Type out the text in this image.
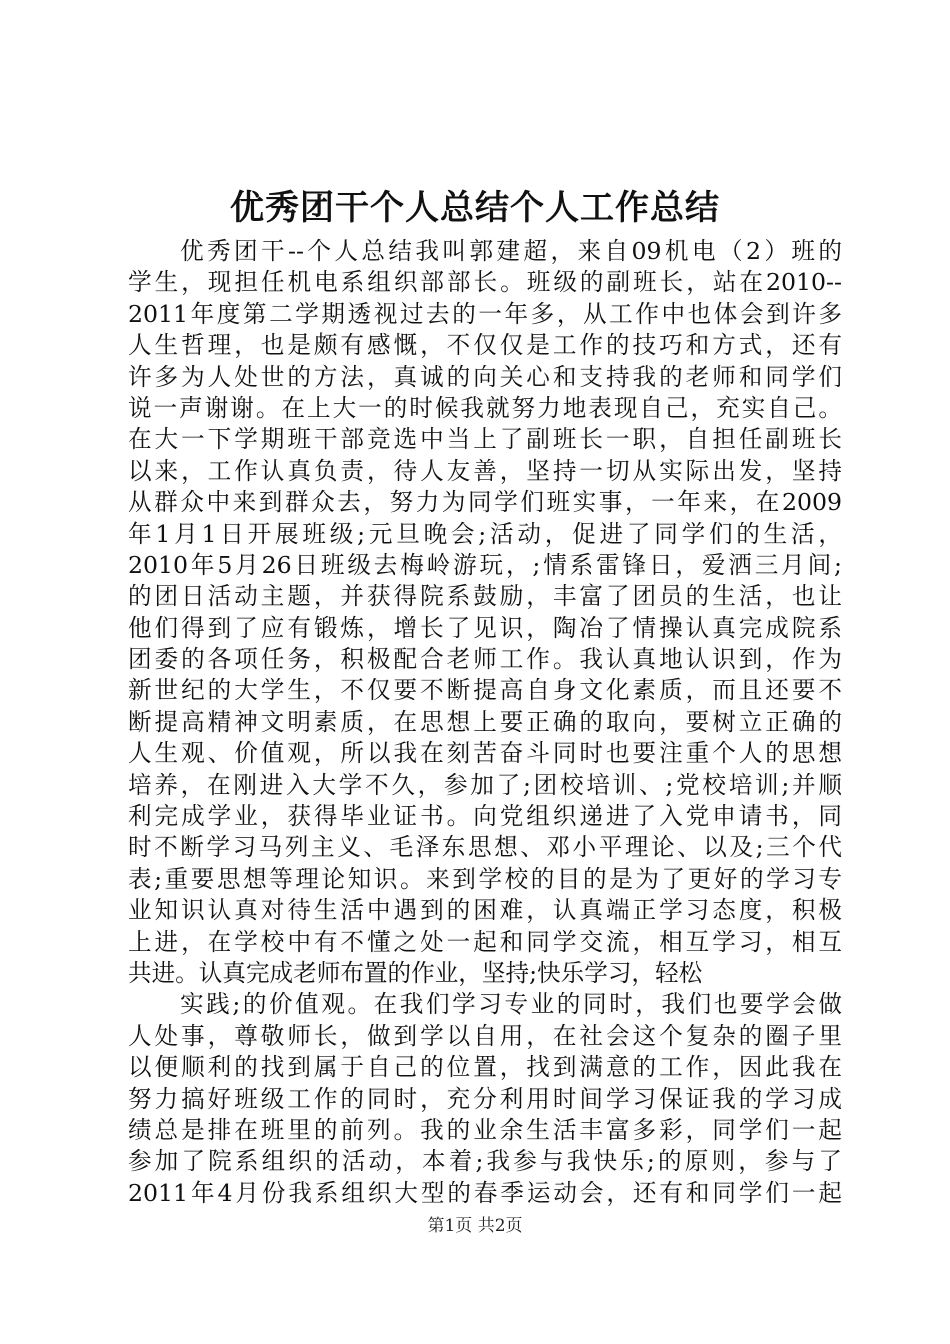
优秀团干个人总结个人工作总结
优秀团干--个人总结我叫郭建超，来自09机电（2）班的
学生，现担任机电系组织部部长。班级的副班长，站在2010--
2011年度第二学期透视过去的一年多，从工作中也体会到许多
人生哲理，也是颇有感慨，不仅仅是工作的技巧和方式，还有
许多为人处世的方法，真诚的向关心和支持我的老师和同学们
说一声谢谢。在上大一的时候我就努力地表现自己，充实自己。
在大一下学期班干部竞选中当上了副班长一职，自担任副班长
以来，工作认真负责，待人友善，坚持一切从实际出发，坚持
从群众中来到群众去，努力为同学们班实事，一年来，在2009
年1月1日开展班级;元旦晚会;活动，促进了同学们的生活，
2010年5月26日班级去梅岭游玩，;情系雷锋日，爱洒三月间;
的团日活动主题，并获得院系鼓励，丰富了团员的生活，也让
他们得到了应有锻炼，增长了见识，陶冶了情操认真完成院系
团委的各项任务，积极配合老师工作。我认真地认识到，作为
新世纪的大学生，不仅要不断提高自身文化素质，而且还要不
断提高精神文明素质，在思想上要正确的取向，要树立正确的
人生观、价值观，所以我在刻苦奋斗同时也要注重个人的思想
培养，在刚进入大学不久，参加了;团校培训、;党校培训;并顺
利完成学业，获得毕业证书。向党组织递进了入党申请书，同
时不断学习马列主义、毛泽东思想、邓小平理论、以及;三个代
表;重要思想等理论知识。来到学校的目的是为了更好的学习专
业知识认真对待生活中遇到的困难，认真端正学习态度，积极
上进，在学校中有不懂之处一起和同学交流，相互学习，相互
共进。认真完成老师布置的作业，坚持;快乐学习，轻松
实践;的价值观。在我们学习专业的同时，我们也要学会做
人处事，尊敬师长，做到学以自用，在社会这个复杂的圈子里
以便顺利的找到属于自己的位置，找到满意的工作，因此我在
努力搞好班级工作的同时，充分利用时间学习保证我的学习成
绩总是排在班里的前列。我的业余生活丰富多彩，同学们一起
参加了院系组织的活动，本着;我参与我快乐;的原则，参与了
2011年4月份我系组织大型的春季运动会，还有和同学们一起
第1页 共2页
